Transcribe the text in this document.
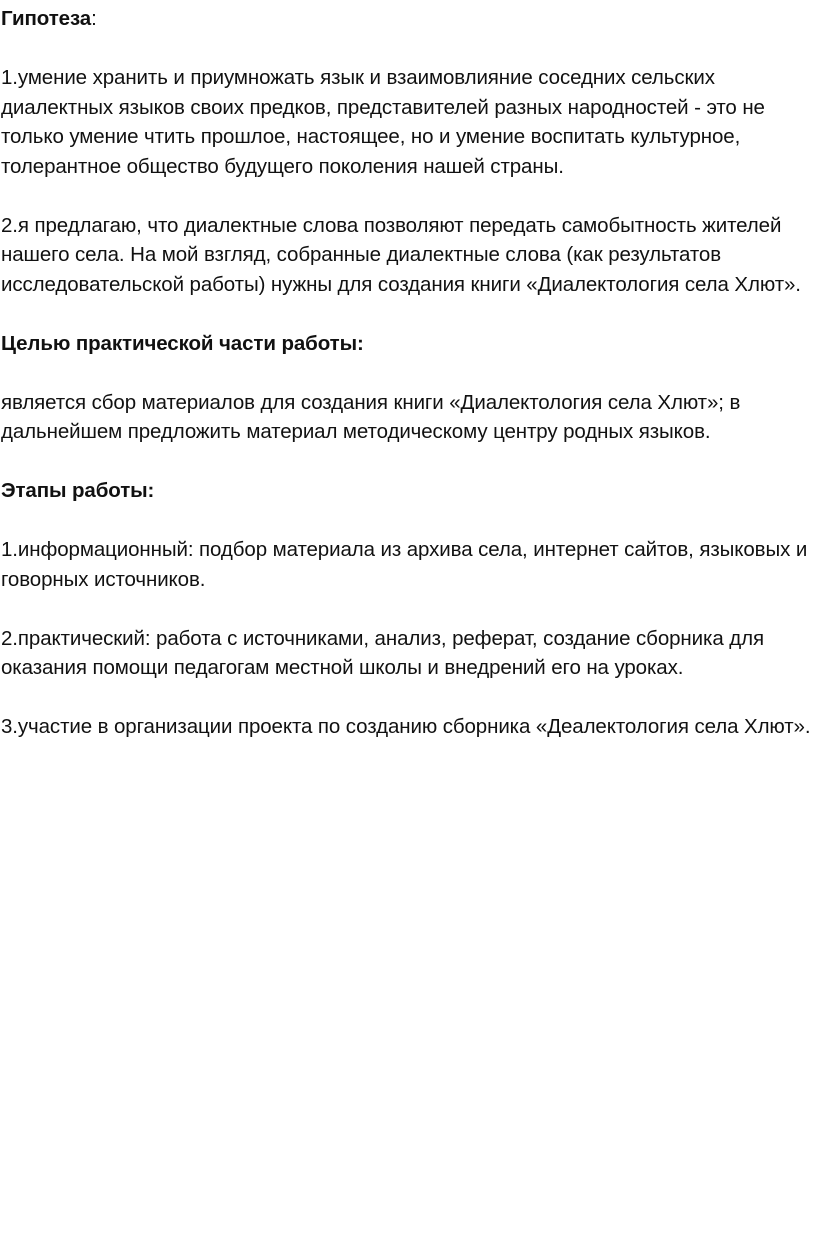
Гипотеза:

1.умение хранить и приумножать язык и взаимовлияние соседних сельских диалектных языков своих предков, представителей разных народностей - это не только умение чтить прошлое, настоящее, но и умение воспитать культурное, толерантное общество будущего поколения нашей страны.

2.я предлагаю, что диалектные слова позволяют передать самобытность жителей нашего села. На мой взгляд, собранные диалектные слова (как результатов исследовательской работы) нужны для создания книги «Диалектология села Хлют».

Целью практической части работы:

является сбор материалов для создания книги «Диалектология села Хлют»; в дальнейшем предложить материал методическому центру родных языков.

Этапы работы:

1.информационный: подбор материала из архива села, интернет сайтов, языковых и говорных источников.

2.практический: работа с источниками, анализ, реферат, создание сборника для оказания помощи педагогам местной школы и внедрений его на уроках.

3.участие в организации проекта по созданию сборника «Деалектология села Хлют».
